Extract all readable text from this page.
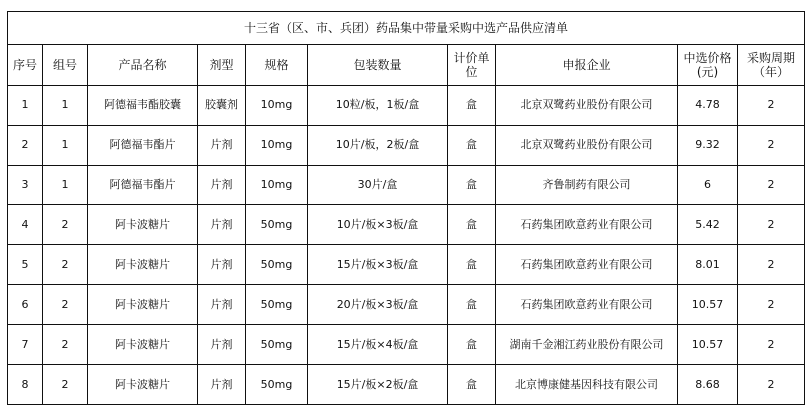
十三省（区、市、兵团）药品集中带量采购中选产品供应清单									
序号	组号	产品名称	剂型	规格	包装数量	计价单位	申报企业	中选价格(元)	采购周期（年）
1	1	阿德福韦酯胶囊	胶囊剂	10mg	10粒/板，1板/盒	盒	北京双鹭药业股份有限公司	4.78	2
2	1	阿德福韦酯片	片剂	10mg	10片/板，2板/盒	盒	北京双鹭药业股份有限公司	9.32	2
3	1	阿德福韦酯片	片剂	10mg	30片/盒	盒	齐鲁制药有限公司	6	2
4	2	阿卡波糖片	片剂	50mg	10片/板×3板/盒	盒	石药集团欧意药业有限公司	5.42	2
5	2	阿卡波糖片	片剂	50mg	15片/板×3板/盒	盒	石药集团欧意药业有限公司	8.01	2
6	2	阿卡波糖片	片剂	50mg	20片/板×3板/盒	盒	石药集团欧意药业有限公司	10.57	2
7	2	阿卡波糖片	片剂	50mg	15片/板×4板/盒	盒	湖南千金湘江药业股份有限公司	10.57	2
8	2	阿卡波糖片	片剂	50mg	15片/板×2板/盒	盒	北京博康健基因科技有限公司	8.68	2
